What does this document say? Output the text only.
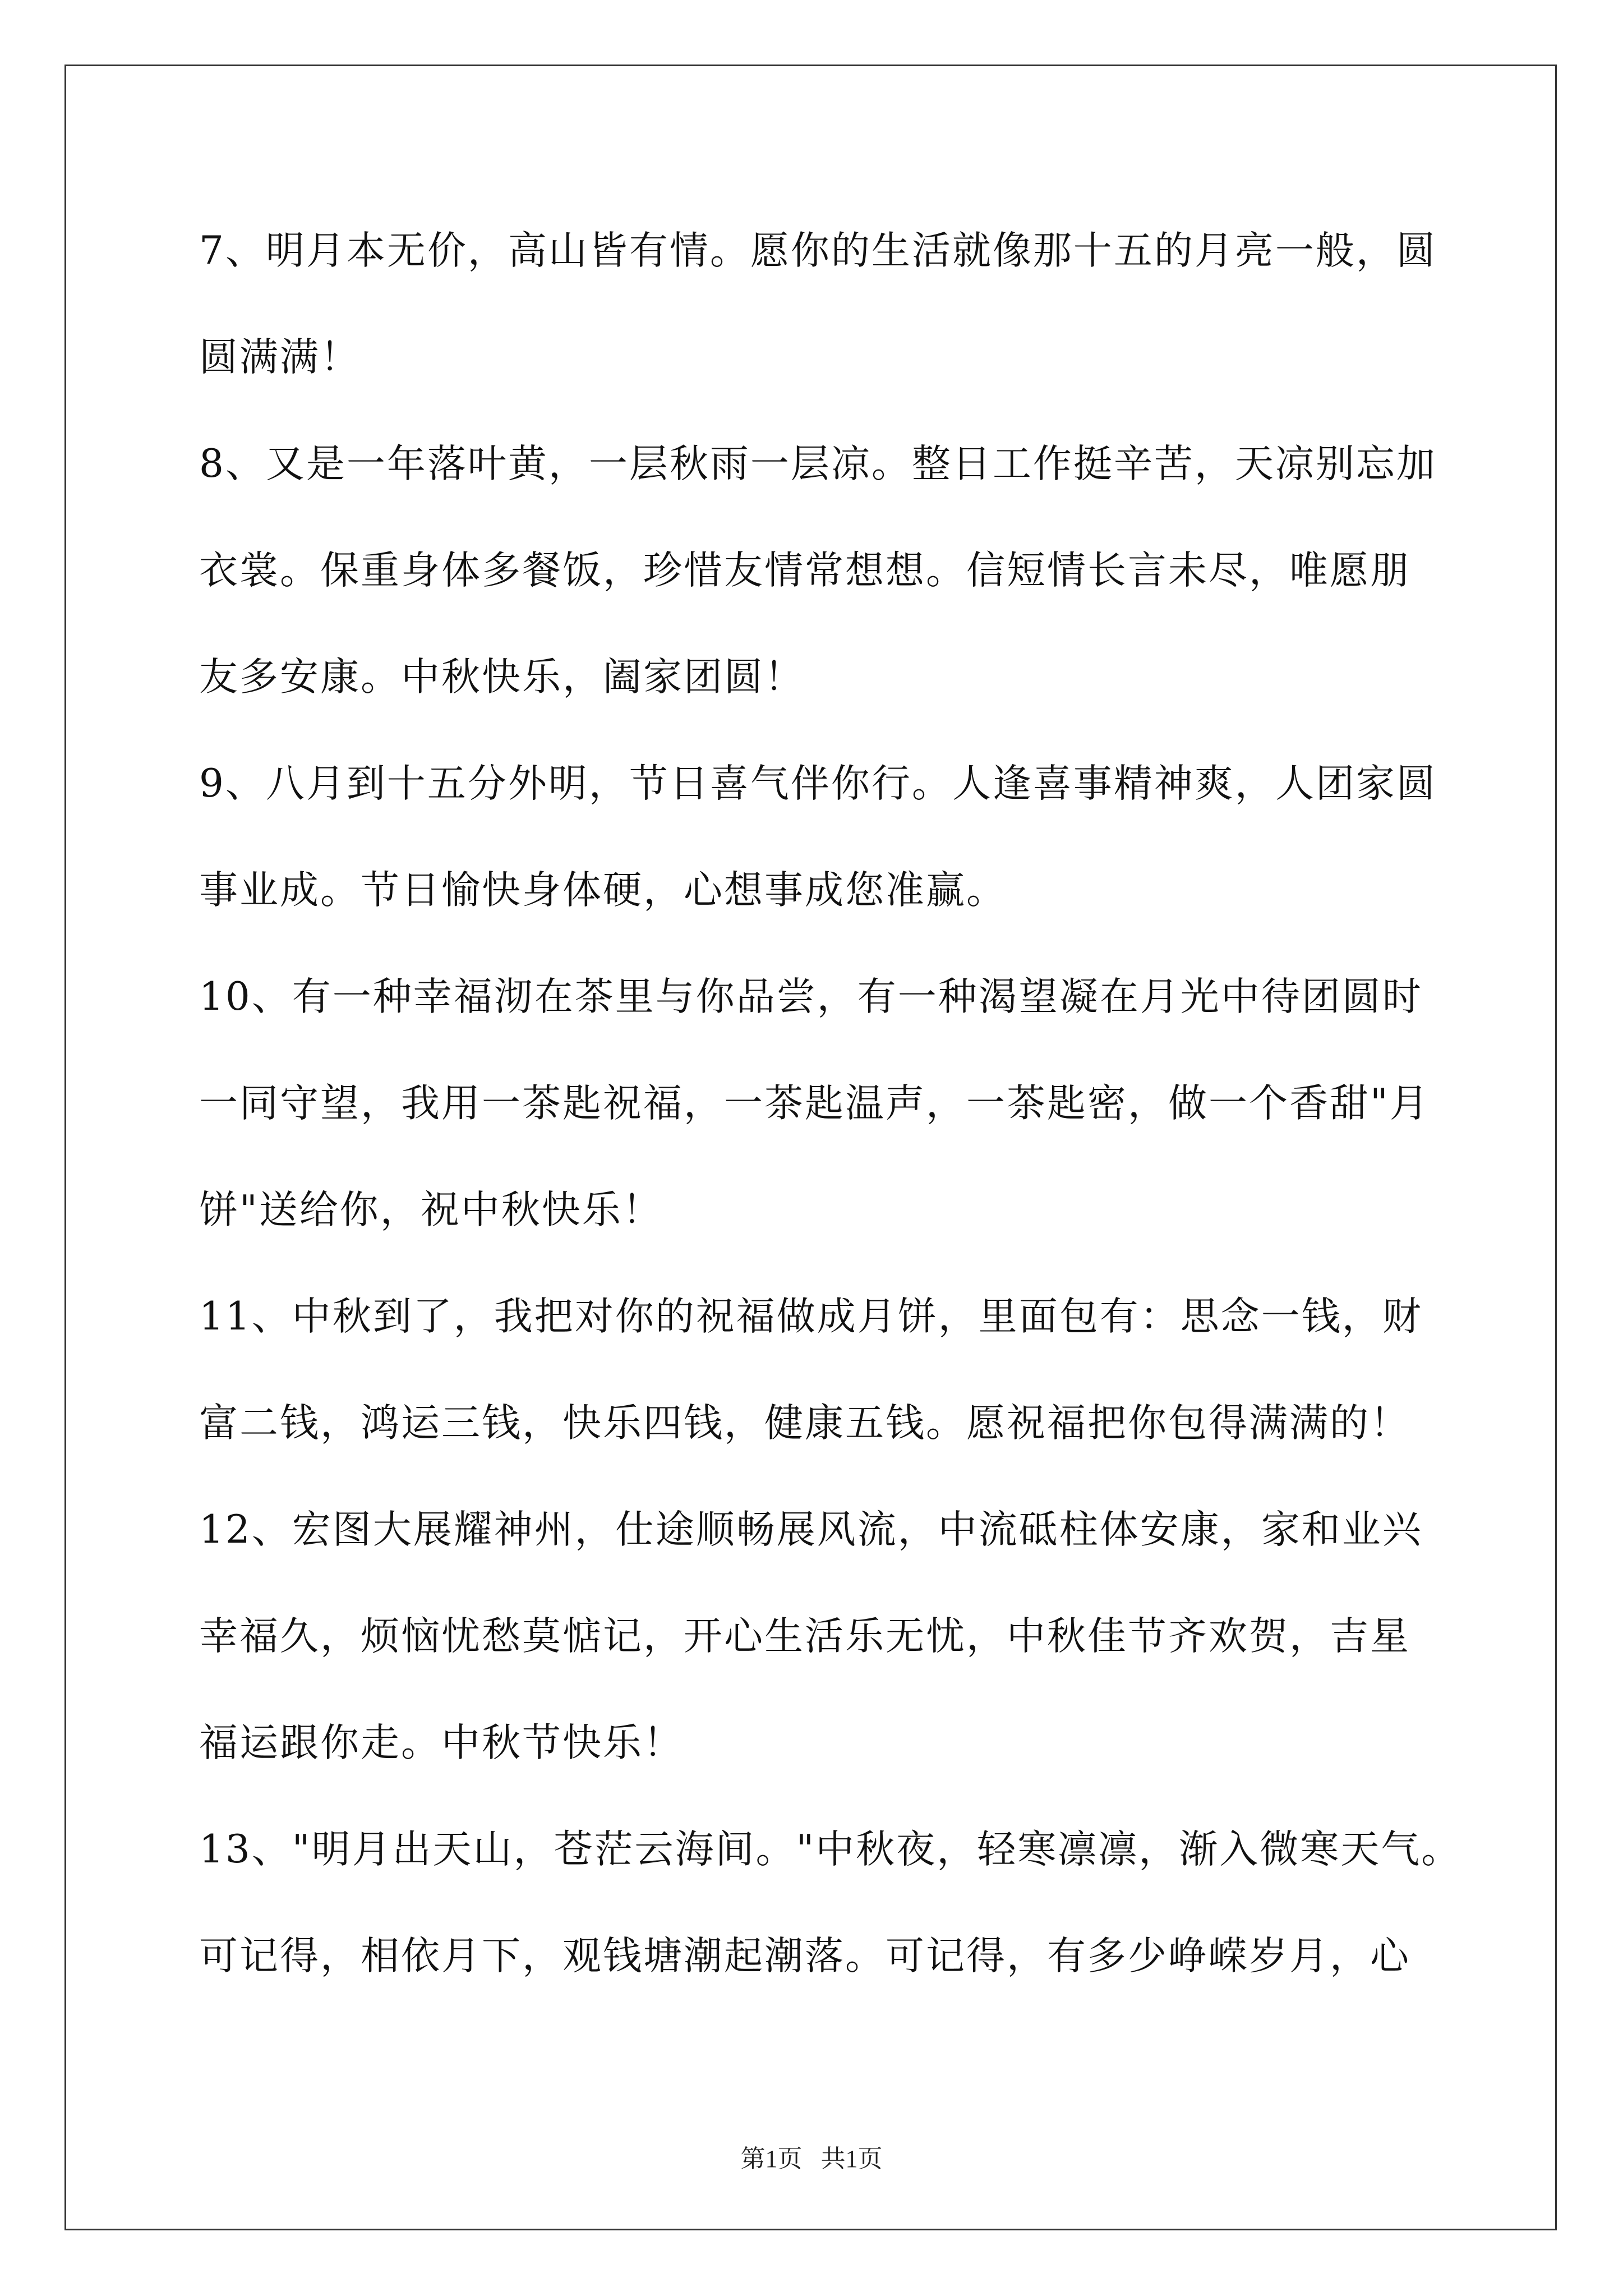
7、明月本无价，高山皆有情。愿你的生活就像那十五的月亮一般，圆
圆满满！
8、又是一年落叶黄，一层秋雨一层凉。整日工作挺辛苦，天凉别忘加
衣裳。保重身体多餐饭，珍惜友情常想想。信短情长言未尽，唯愿朋
友多安康。中秋快乐，阖家团圆！
9、八月到十五分外明，节日喜气伴你行。人逢喜事精神爽，人团家圆
事业成。节日愉快身体硬，心想事成您准赢。
10、有一种幸福沏在茶里与你品尝，有一种渴望凝在月光中待团圆时
一同守望，我用一茶匙祝福，一茶匙温声，一茶匙密，做一个香甜"月
饼"送给你，祝中秋快乐！
11、中秋到了，我把对你的祝福做成月饼，里面包有：思念一钱，财
富二钱，鸿运三钱，快乐四钱，健康五钱。愿祝福把你包得满满的！
12、宏图大展耀神州，仕途顺畅展风流，中流砥柱体安康，家和业兴
幸福久，烦恼忧愁莫惦记，开心生活乐无忧，中秋佳节齐欢贺，吉星
福运跟你走。中秋节快乐！
13、"明月出天山，苍茫云海间。"中秋夜，轻寒凛凛，渐入微寒天气。
可记得，相依月下，观钱塘潮起潮落。可记得，有多少峥嵘岁月，心
第1页   共1页
